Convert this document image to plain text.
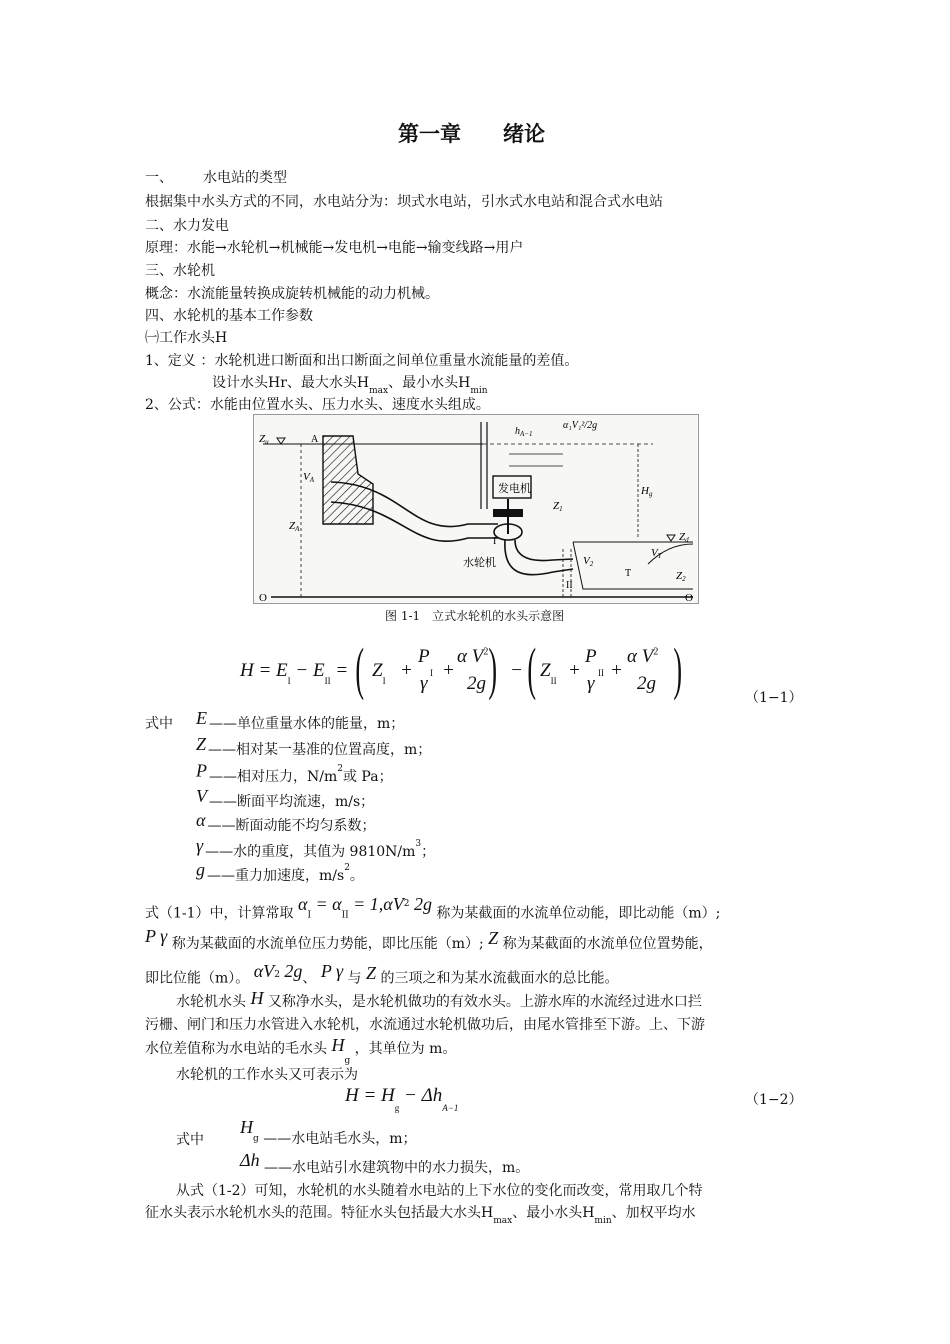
第一章　　绪论
一、 水电站的类型
根据集中水头方式的不同，水电站分为：坝式水电站，引水式水电站和混合式水电站
二、水力发电
原理：水能→水轮机→机械能→发电机→电能→输变线路→用户
三、水轮机
概念：水流能量转换成旋转机械能的动力机械。
四、水轮机的基本工作参数
㈠工作水头H
1、定义 ：水轮机进口断面和出口断面之间单位重量水流能量的差值。
设计水头Hr、最大水头$H_{max}$、最小水头$H_{min}$
2、公式：水能由位置水头、压力水头、速度水头组成。
Zu
Zd
发电机
水轮机
VA
V2
VT
ZA
Hg
Z1
Z2
$h_{A-1}$
α₁V₁²/2g
A
I
II
T
O	O
图 1-1　立式水轮机的水头示意图
$H = E_I - E_{II}$ = ( $Z_I$ +
P
γ I +
α $V^2$
2g ) − ( $Z_{II}$ +
P
γ II +
α $V^2$
2g )	（1−1）
式中 E ——单位重量水体的能量，m；
Z ——相对某一基准的位置高度，m；
P ——相对压力，$N/m^2$或 Pa；
V ——断面平均流速，m/s；
α ——断面动能不均匀系数；
γ ——水的重度，其值为 $9810N/m^3$；
g ——重力加速度，$m/s^2$。
式（1-1）中，计算常取 $\alpha I = \alpha II = 1,\alpha V^2$ 2g 称为某截面的水流单位动能，即比动能（m）;
P γ 称为某截面的水流单位压力势能，即比压能（m）; Z 称为某截面的水流单位位置势能，
即比位能（m）。 $\alpha V^2$ 2g、 P γ 与 Z 的三项之和为某水流截面水的总比能。
水轮机水头 H 又称净水头，是水轮机做功的有效水头。上游水库的水流经过进水口拦
污栅、闸门和压力水管进入水轮机，水流通过水轮机做功后，由尾水管排至下游。上、下游
水位差值称为水电站的毛水头 $H_g$ ，其单位为 m。
水轮机的工作水头又可表示为
$H = H_g - \Delta h_{A-1}$	（1−2）
式中
$H_g$ ——水电站毛水头，m；
Δh ——水电站引水建筑物中的水力损失，m。
从式（1-2）可知，水轮机的水头随着水电站的上下水位的变化而改变，常用取几个特
征水头表示水轮机水头的范围。特征水头包括最大水头$H_{max}$、最小水头$H_{min}$、加权平均水
